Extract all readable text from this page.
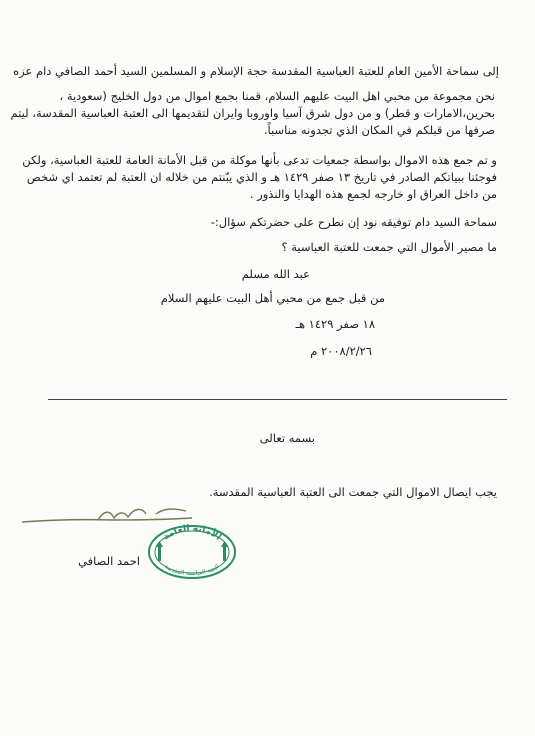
إلى سماحة الأمين العام للعتبة العباسية المقدسة حجة الإسلام و المسلمين السيد أحمد الصافي دام عزه
نحن مجموعة من محبي اهل البيت عليهم السلام، قمنا بجمع اموال من دول الخليج (سعودية ،
بحرين،الامارات و قطر) و من دول شرق آسيا واوروبا وايران لتقديمها الى العتبة العباسية المقدسة، ليتم
صرفها من قبلكم في المكان الذي تجدونه مناسباً.
و تم جمع هذه الاموال بواسطة جمعيات تدعى بأنها موكلة من قبل الأمانة العامة للعتبة العباسية، ولكن
فوجئنا ببياتكم الصادر في تاريخ ١٣ صفر ١٤٢٩ هـ و الذي يبّنتم من خلاله ان العتبة لم تعتمد اي شخص
من داخل العراق او خارجه لجمع هذه الهدايا والنذور .
سماحة السيد دام توفيقه نود إن نطرح على حضرتكم سؤال:-
ما مصير الأموال التي جمعت للعتبة العباسية ؟
عبد الله مسلم
من قبل جمع من محبي أهل البيت عليهم السلام
١٨ صفر ١٤٢٩ هـ
٢٠٠٨/٢/٢٦ م
بسمه تعالى
يجب ايصال الاموال التي جمعت الى العتبة العباسية المقدسة.
احمد الصافي
الأمانة العامة
للعتبة العباسية المقدسة
